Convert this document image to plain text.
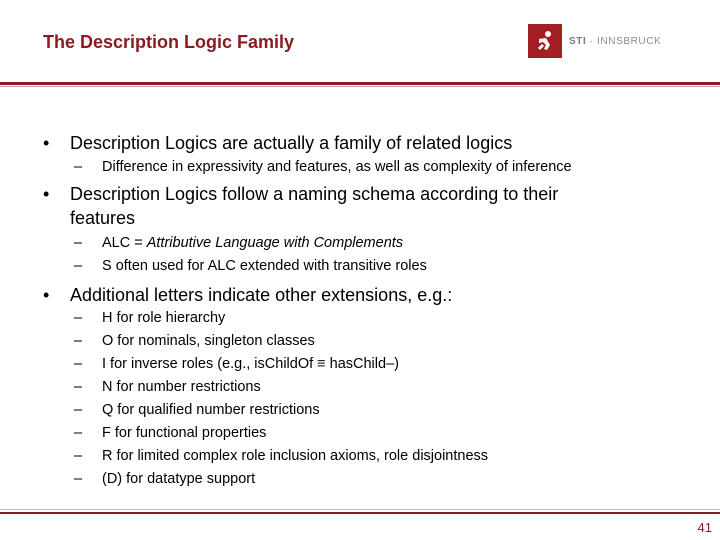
The Description Logic Family	STI · INNSBRUCK
• Description Logics are actually a family of related logics
– Difference in expressivity and features, as well as complexity of inference
• Description Logics follow a naming schema according to their
features
– ALC = Attributive Language with Complements
– S often used for ALC extended with transitive roles
• Additional letters indicate other extensions, e.g.:
– H for role hierarchy
– O for nominals, singleton classes
– I for inverse roles (e.g., isChildOf ≡ hasChild–)
– N for number restrictions
– Q for qualified number restrictions
– F for functional properties
– R for limited complex role inclusion axioms, role disjointness
– (D) for datatype support
41
